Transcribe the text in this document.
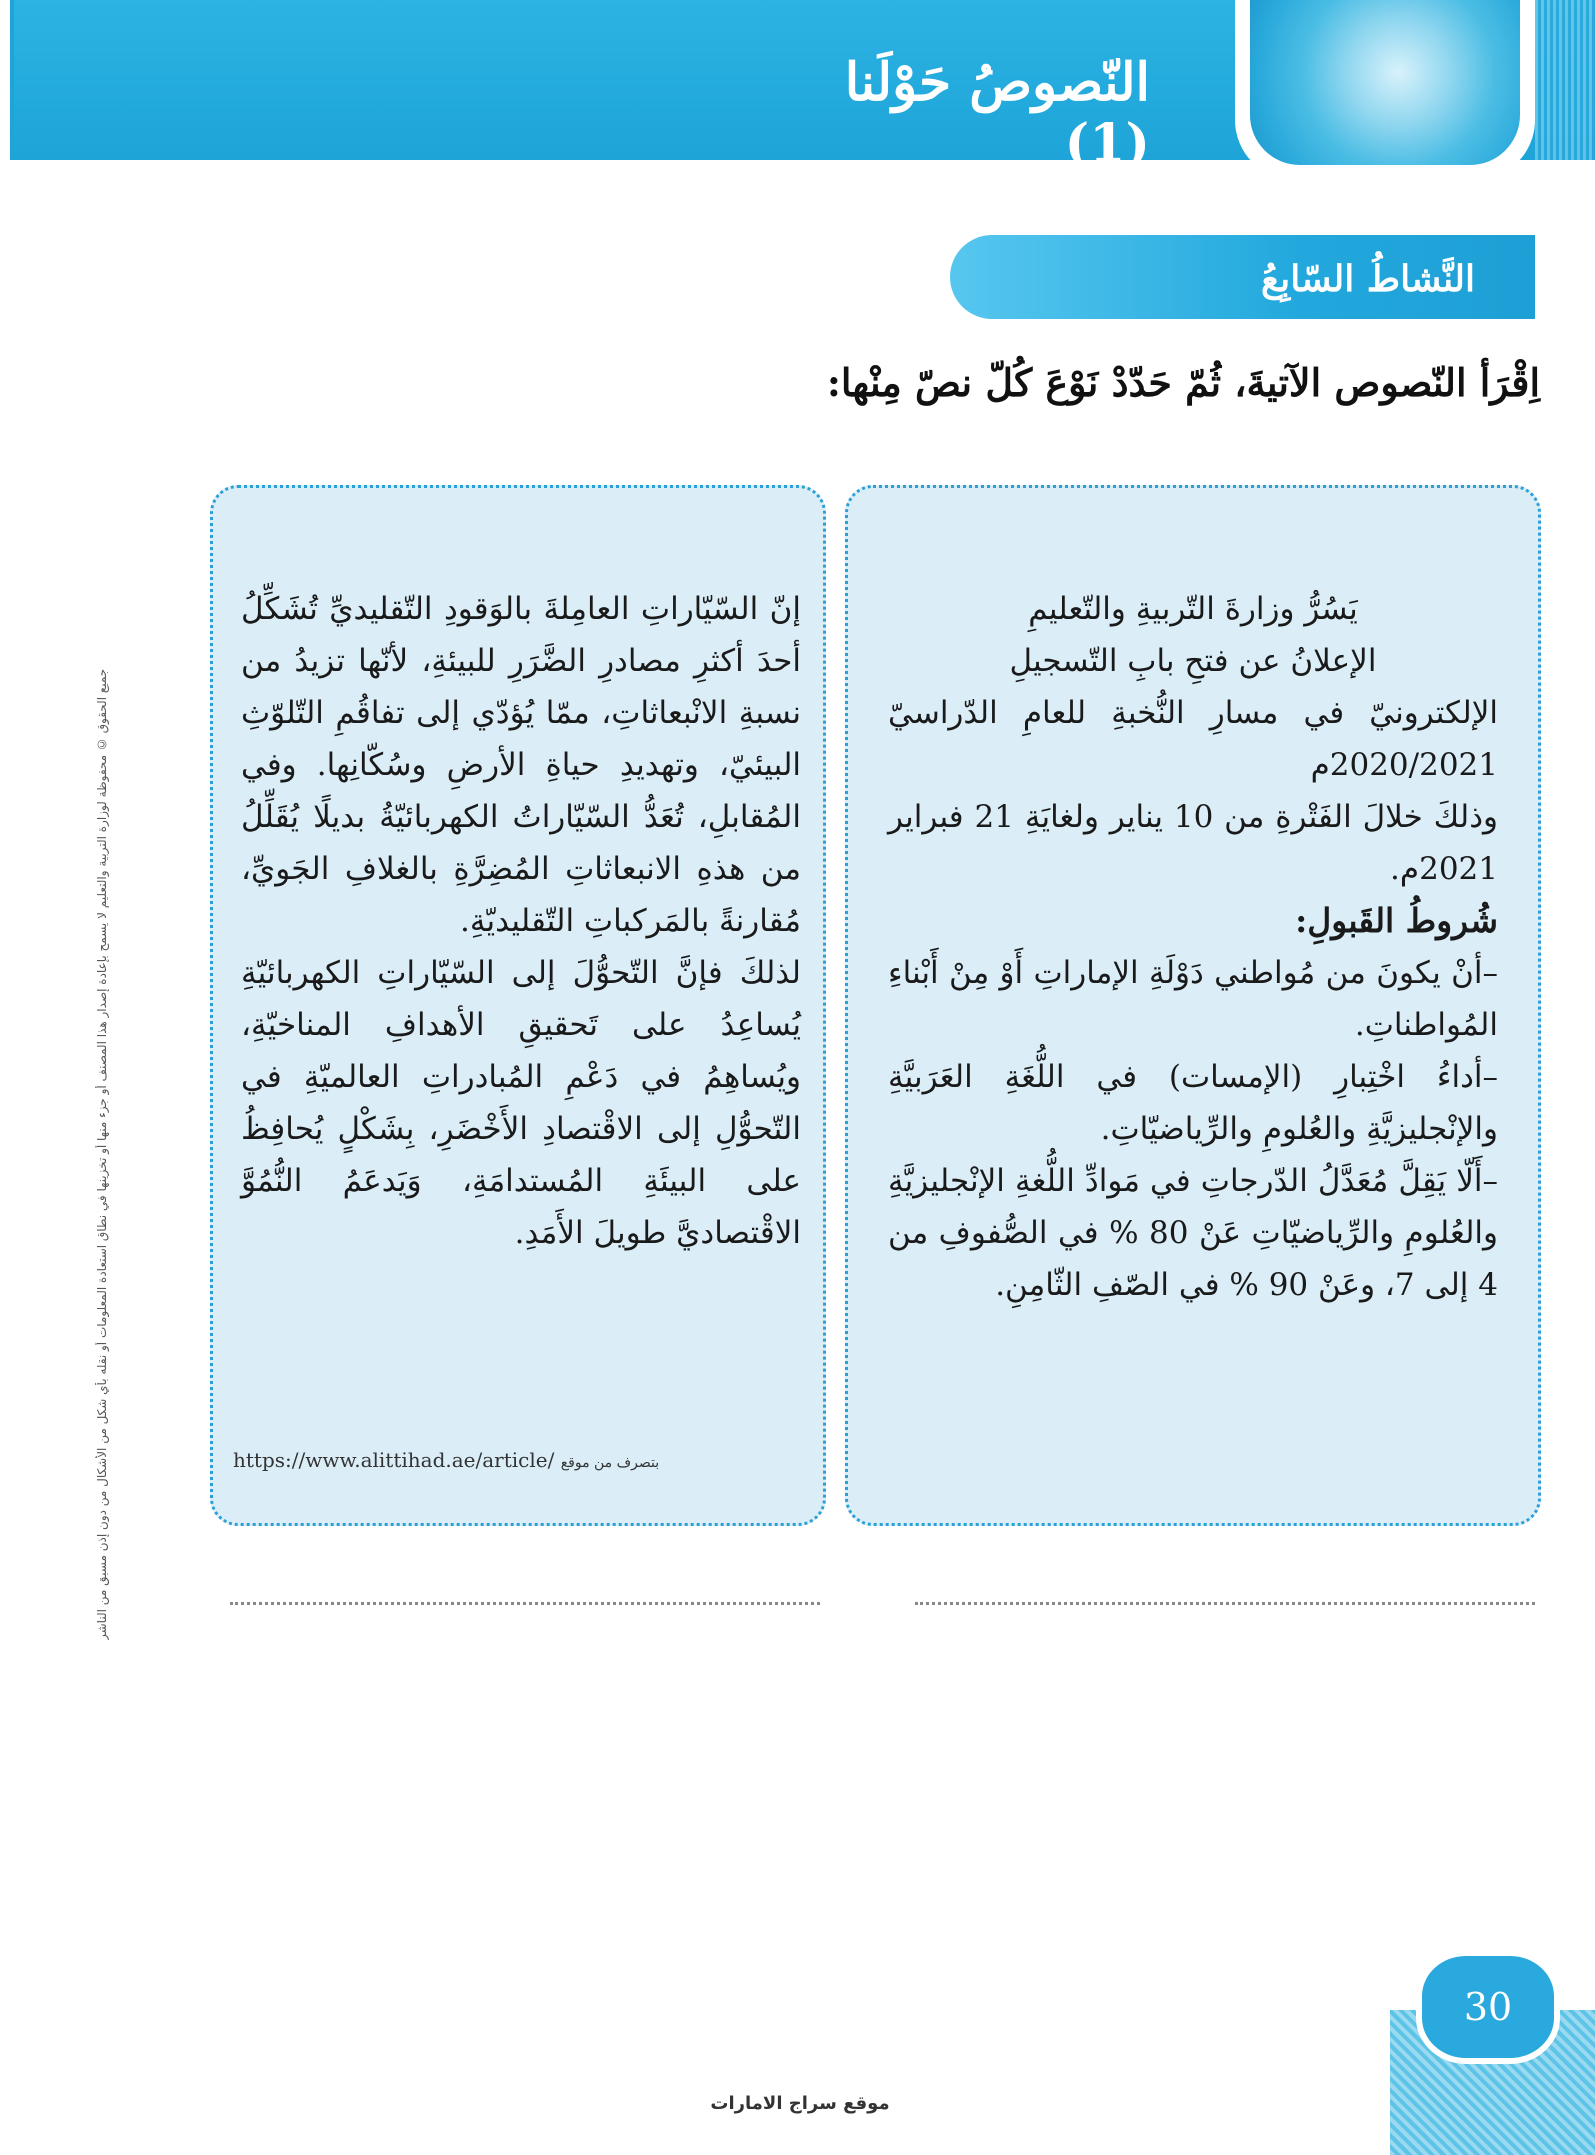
النّصوصُ حَوْلَنا (1)
النَّشاطُ السّابِعُ
اِقْرَأ النّصوص الآتيةَ، ثُمّ حَدّدْ نَوْعَ كُلّ نصّ مِنْها:
جميع الحقوق © محفوظة لوزارة التربية والتعليم لا يسمح بإعادة إصدار هذا المصنف أو جزء منها أو تخزينها في نطاق استعادة المعلومات أو نقله بأي شكل من الأشكال من دون إذن مسبق من الناشر

يَسُرُّ وزارةَ التّربيةِ والتّعليمِ

الإعلانُ عن فتحِ بابِ التّسجيلِ

الإلكترونيّ في مسارِ النُّخبةِ للعامِ الدّراسيّ 2020/2021م

وذلكَ خلالَ الفَتْرةِ من 10 يناير ولغايَةِ 21 فبراير 2021م.

شُروطُ القَبولِ:

–أنْ يكونَ من مُواطني دَوْلَةِ الإماراتِ أَوْ مِنْ أَبْناءِ المُواطناتِ.

–أداءُ اخْتِبارِ (الإمسات) في اللُّغَةِ العَرَبيَّةِ والإنْجليزيَّةِ والعُلومِ والرِّياضيّاتِ.

–أَلّا يَقِلَّ مُعَدَّلُ الدّرجاتِ في مَوادِّ اللُّغةِ الإنْجليزيَّةِ والعُلومِ والرِّياضيّاتِ عَنْ 80 % في الصُّفوفِ من 4 إلى 7، وعَنْ 90 % في الصّفِ الثّامِنِ.

إنّ السّيّاراتِ العامِلةَ بالوَقودِ التّقليديِّ تُشَكِّلُ أحدَ أكثرِ مصادرِ الضَّرَرِ للبيئةِ، لأنّها تزيدُ من نسبةِ الانْبعاثاتِ، ممّا يُؤدّي إلى تفاقُمِ التّلوّثِ البيئيّ، وتهديدِ حياةِ الأرضِ وسُكّانِها. وفي المُقابلِ، تُعَدُّ السّيّاراتُ الكهربائيّةُ بديلًا يُقَلِّلُ من هذهِ الانبعاثاتِ المُضِرَّةِ بالغلافِ الجَويِّ، مُقارنةً بالمَركباتِ التّقليديّةِ.

لذلكَ فإنَّ التّحوُّلَ إلى السّيّاراتِ الكهربائيّةِ يُساعِدُ على تَحقيقِ الأهدافِ المناخيّةِ، ويُساهِمُ في دَعْمِ المُبادراتِ العالميّةِ في التّحوُّلِ إلى الاقْتصادِ الأَخْضَرِ، بِشَكْلٍ يُحافِظُ على البيئَةِ المُستدامَةِ، وَيَدعَمُ النُّمُوَّ الاقْتصاديَّ طويلَ الأَمَدِ.

https://www.alittihad.ae/article/ بتصرف من موقع
30
موقع سراج الامارات
